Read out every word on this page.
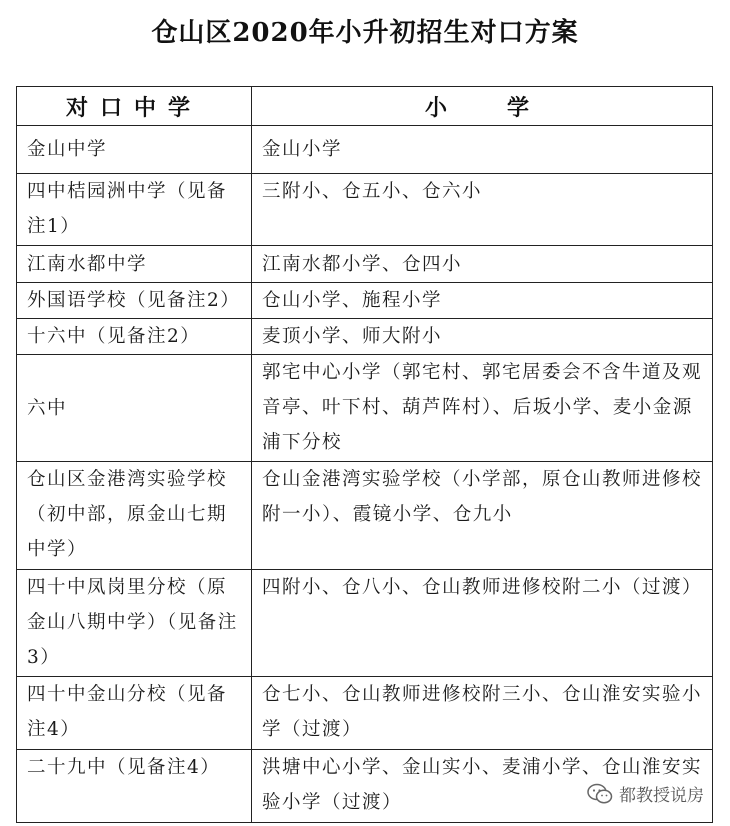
仓山区2020年小升初招生对口方案
对口中学	小学
金山中学	金山小学
四中桔园洲中学（见备注1）	三附小、仓五小、仓六小
江南水都中学	江南水都小学、仓四小
外国语学校（见备注2）	仓山小学、施程小学
十六中（见备注2）	麦顶小学、师大附小
六中	郭宅中心小学（郭宅村、郭宅居委会不含牛道及观音亭、叶下村、葫芦阵村）、后坂小学、麦小金源浦下分校
仓山区金港湾实验学校（初中部，原金山七期中学）	仓山金港湾实验学校（小学部，原仓山教师进修校附一小）、霞镜小学、仓九小
四十中凤岗里分校（原金山八期中学）（见备注3）	四附小、仓八小、仓山教师进修校附二小（过渡）
四十中金山分校（见备注4）	仓七小、仓山教师进修校附三小、仓山淮安实验小学（过渡）
二十九中（见备注4）	洪塘中心小学、金山实小、麦浦小学、仓山淮安实验小学（过渡）	都教授说房
